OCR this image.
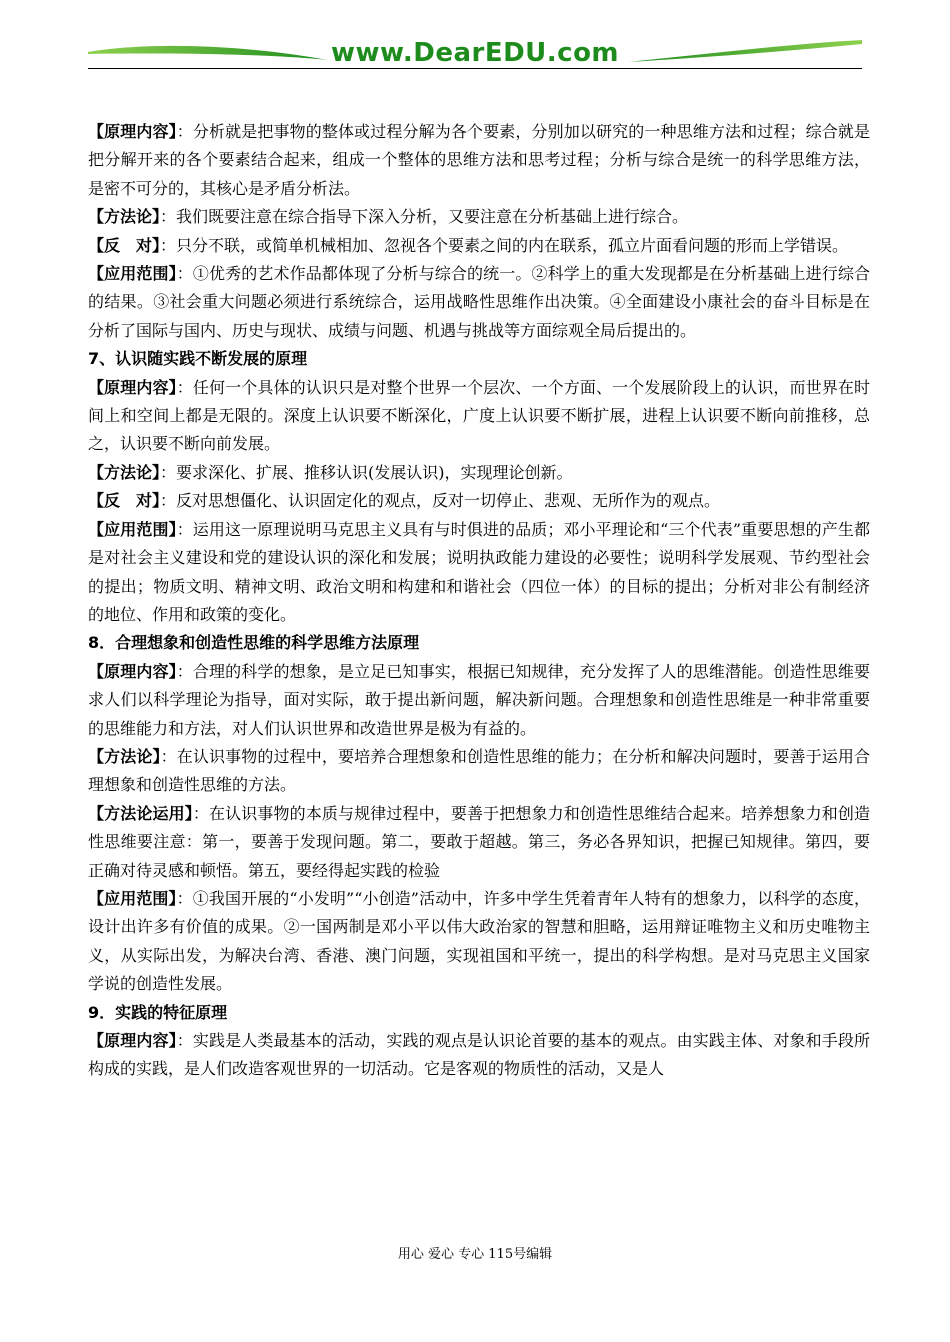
www.DearEDU.com

【原理内容】：分析就是把事物的整体或过程分解为各个要素，分别加以研究的一种思维方法和过程；综合就是把分解开来的各个要素结合起来，组成一个整体的思维方法和思考过程；分析与综合是统一的科学思维方法，是密不可分的，其核心是矛盾分析法。

【方法论】：我们既要注意在综合指导下深入分析，又要注意在分析基础上进行综合。

【反　对】：只分不联，或简单机械相加、忽视各个要素之间的内在联系，孤立片面看问题的形而上学错误。

【应用范围】：①优秀的艺术作品都体现了分析与综合的统一。②科学上的重大发现都是在分析基础上进行综合的结果。③社会重大问题必须进行系统综合，运用战略性思维作出决策。④全面建设小康社会的奋斗目标是在分析了国际与国内、历史与现状、成绩与问题、机遇与挑战等方面综观全局后提出的。

7、认识随实践不断发展的原理

【原理内容】：任何一个具体的认识只是对整个世界一个层次、一个方面、一个发展阶段上的认识，而世界在时间上和空间上都是无限的。深度上认识要不断深化，广度上认识要不断扩展，进程上认识要不断向前推移，总之，认识要不断向前发展。

【方法论】：要求深化、扩展、推移认识(发展认识)，实现理论创新。

【反　对】：反对思想僵化、认识固定化的观点，反对一切停止、悲观、无所作为的观点。

【应用范围】：运用这一原理说明马克思主义具有与时俱进的品质；邓小平理论和“三个代表”重要思想的产生都是对社会主义建设和党的建设认识的深化和发展；说明执政能力建设的必要性；说明科学发展观、节约型社会的提出；物质文明、精神文明、政治文明和构建和和谐社会（四位一体）的目标的提出；分析对非公有制经济的地位、作用和政策的变化。

8．合理想象和创造性思维的科学思维方法原理

【原理内容】：合理的科学的想象，是立足已知事实，根据已知规律，充分发挥了人的思维潜能。创造性思维要求人们以科学理论为指导，面对实际，敢于提出新问题，解决新问题。合理想象和创造性思维是一种非常重要的思维能力和方法，对人们认识世界和改造世界是极为有益的。

【方法论】：在认识事物的过程中，要培养合理想象和创造性思维的能力；在分析和解决问题时，要善于运用合理想象和创造性思维的方法。

【方法论运用】：在认识事物的本质与规律过程中，要善于把想象力和创造性思维结合起来。培养想象力和创造性思维要注意：第一，要善于发现问题。第二，要敢于超越。第三，务必各界知识，把握已知规律。第四，要正确对待灵感和顿悟。第五，要经得起实践的检验

【应用范围】：①我国开展的“小发明”“小创造”活动中，许多中学生凭着青年人特有的想象力，以科学的态度，设计出许多有价值的成果。②一国两制是邓小平以伟大政治家的智慧和胆略，运用辩证唯物主义和历史唯物主义，从实际出发，为解决台湾、香港、澳门问题，实现祖国和平统一，提出的科学构想。是对马克思主义国家学说的创造性发展。

9．实践的特征原理

【原理内容】：实践是人类最基本的活动，实践的观点是认识论首要的基本的观点。由实践主体、对象和手段所构成的实践，是人们改造客观世界的一切活动。它是客观的物质性的活动，又是人

用心 爱心 专心 115号编辑
